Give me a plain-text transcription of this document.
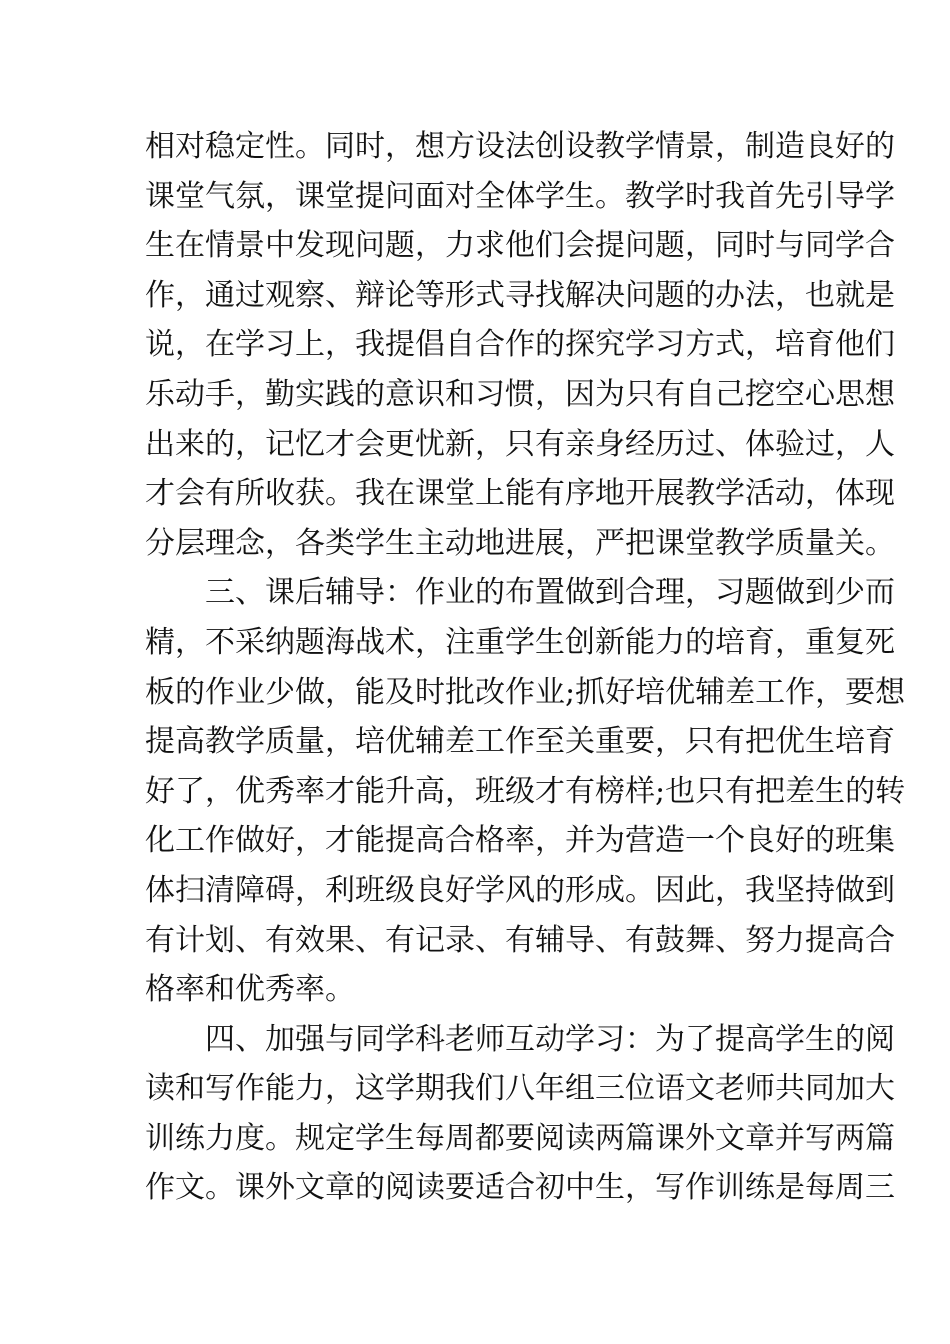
相对稳定性。同时，想方设法创设教学情景，制造良好的
课堂气氛，课堂提问面对全体学生。教学时我首先引导学
生在情景中发现问题，力求他们会提问题，同时与同学合
作，通过观察、辩论等形式寻找解决问题的办法，也就是
说，在学习上，我提倡自合作的探究学习方式，培育他们
乐动手，勤实践的意识和习惯，因为只有自己挖空心思想
出来的，记忆才会更忧新，只有亲身经历过、体验过，人
才会有所收获。我在课堂上能有序地开展教学活动，体现
分层理念，各类学生主动地进展，严把课堂教学质量关。
三、课后辅导：作业的布置做到合理，习题做到少而
精，不采纳题海战术，注重学生创新能力的培育，重复死
板的作业少做，能及时批改作业;抓好培优辅差工作，要想
提高教学质量，培优辅差工作至关重要，只有把优生培育
好了，优秀率才能升高，班级才有榜样;也只有把差生的转
化工作做好，才能提高合格率，并为营造一个良好的班集
体扫清障碍，利班级良好学风的形成。因此，我坚持做到
有计划、有效果、有记录、有辅导、有鼓舞、努力提高合
格率和优秀率。
四、加强与同学科老师互动学习：为了提高学生的阅
读和写作能力，这学期我们八年组三位语文老师共同加大
训练力度。规定学生每周都要阅读两篇课外文章并写两篇
作文。课外文章的阅读要适合初中生，写作训练是每周三
